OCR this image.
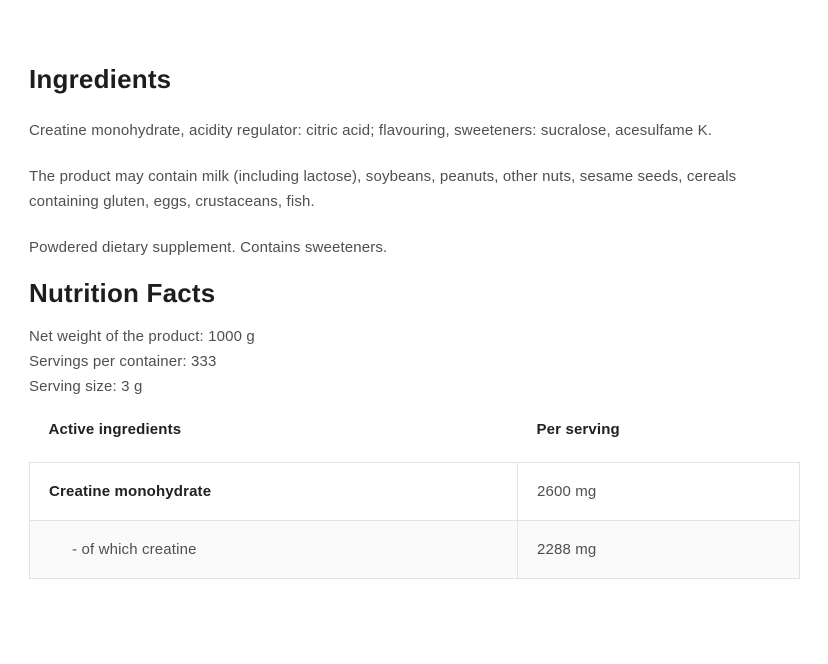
Ingredients

Creatine monohydrate, acidity regulator: citric acid; flavouring, sweeteners: sucralose, acesulfame K.

The product may contain milk (including lactose), soybeans, peanuts, other nuts, sesame seeds, cereals containing gluten, eggs, crustaceans, fish.

Powdered dietary supplement. Contains sweeteners.

Nutrition Facts
Net weight of the product: 1000 g
Servings per container: 333
Serving size: 3 g
Active ingredients	Per serving
Creatine monohydrate	2600 mg
- of which creatine	2288 mg
